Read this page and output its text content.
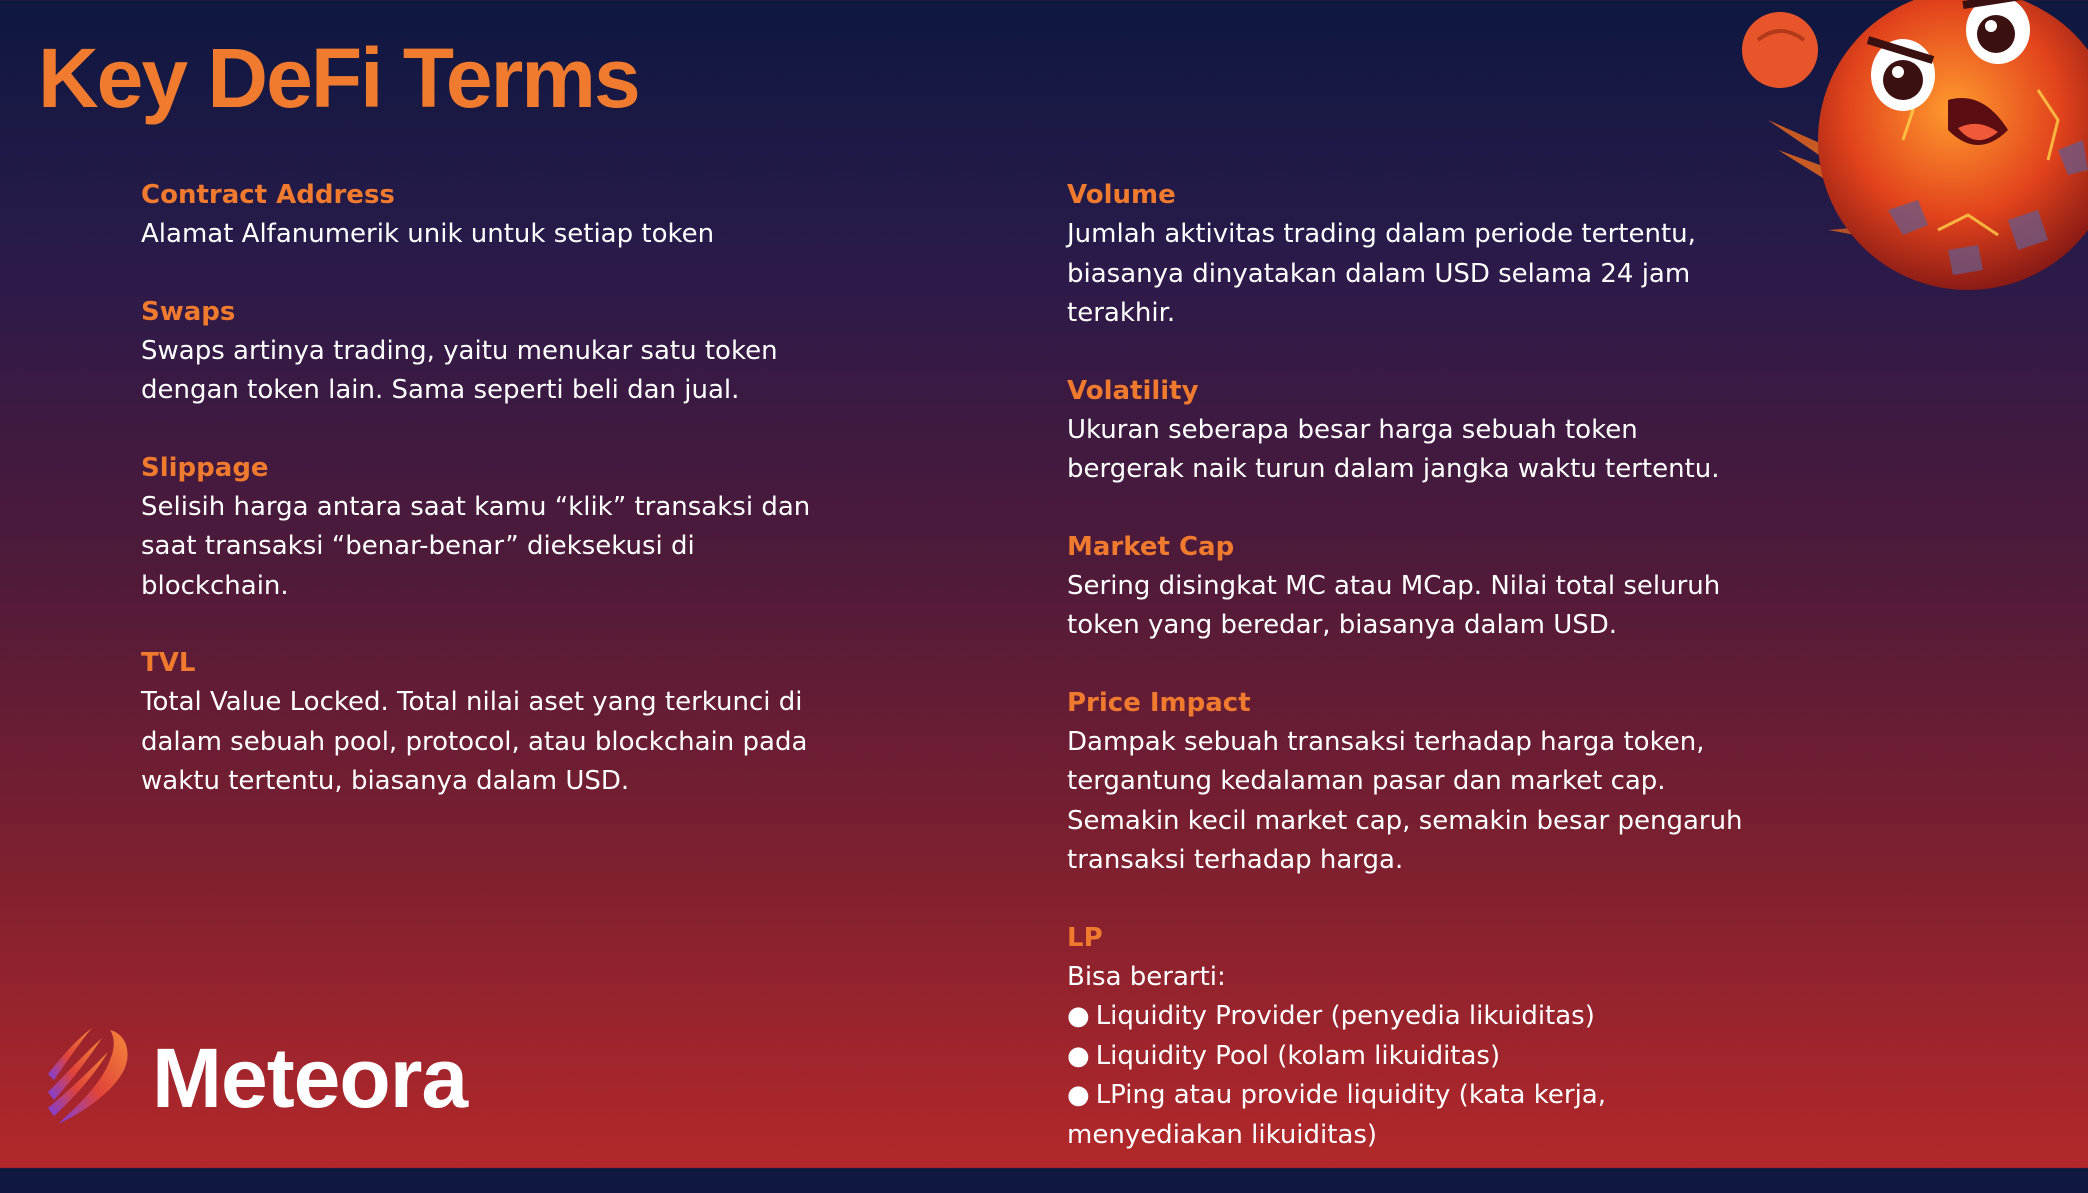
Key DeFi Terms
Contract Address
Alamat Alfanumerik unik untuk setiap token
Swaps
Swaps artinya trading, yaitu menukar satu token
dengan token lain. Sama seperti beli dan jual.
Slippage
Selisih harga antara saat kamu “klik” transaksi dan
saat transaksi “benar-benar” dieksekusi di
blockchain.
TVL
Total Value Locked. Total nilai aset yang terkunci di
dalam sebuah pool, protocol, atau blockchain pada
waktu tertentu, biasanya dalam USD.
Volume
Jumlah aktivitas trading dalam periode tertentu,
biasanya dinyatakan dalam USD selama 24 jam
terakhir.
Volatility
Ukuran seberapa besar harga sebuah token
bergerak naik turun dalam jangka waktu tertentu.
Market Cap
Sering disingkat MC atau MCap. Nilai total seluruh
token yang beredar, biasanya dalam USD.
Price Impact
Dampak sebuah transaksi terhadap harga token,
tergantung kedalaman pasar dan market cap.
Semakin kecil market cap, semakin besar pengaruh
transaksi terhadap harga.
LP
Bisa berarti:
● Liquidity Provider (penyedia likuiditas)
● Liquidity Pool (kolam likuiditas)
● LPing atau provide liquidity (kata kerja,
menyediakan likuiditas)
Meteora
